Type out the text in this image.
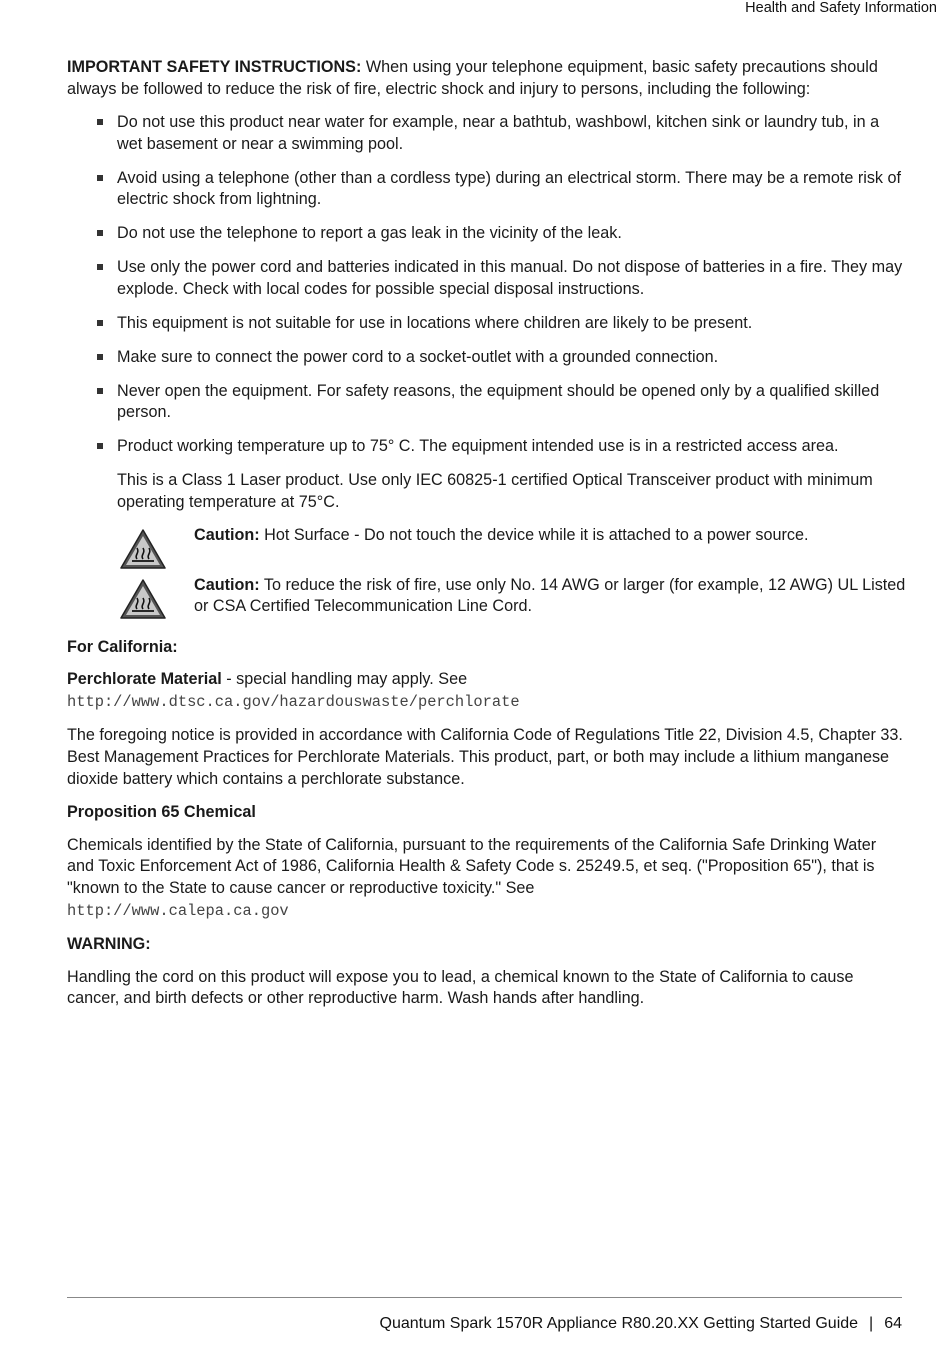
Health and Safety Information

IMPORTANT SAFETY INSTRUCTIONS: When using your telephone equipment, basic safety precautions should always be followed to reduce the risk of fire, electric shock and injury to persons, including the following:

Do not use this product near water for example, near a bathtub, washbowl, kitchen sink or laundry tub, in a wet basement or near a swimming pool.
Avoid using a telephone (other than a cordless type) during an electrical storm. There may be a remote risk of electric shock from lightning.
Do not use the telephone to report a gas leak in the vicinity of the leak.
Use only the power cord and batteries indicated in this manual. Do not dispose of batteries in a fire. They may explode. Check with local codes for possible special disposal instructions.
This equipment is not suitable for use in locations where children are likely to be present.
Make sure to connect the power cord to a socket-outlet with a grounded connection.
Never open the equipment. For safety reasons, the equipment should be opened only by a qualified skilled person.
Product working temperature up to 75° C. The equipment intended use is in a restricted access area.

This is a Class 1 Laser product. Use only IEC 60825-1 certified Optical Transceiver product with minimum operating temperature at 75°C.

Caution: Hot Surface - Do not touch the device while it is attached to a power source.
Caution: To reduce the risk of fire, use only No. 14 AWG or larger (for example, 12 AWG) UL Listed or CSA Certified Telecommunication Line Cord.
For California:

Perchlorate Material - special handling may apply. See
http://www.dtsc.ca.gov/hazardouswaste/perchlorate

The foregoing notice is provided in accordance with California Code of Regulations Title 22, Division 4.5, Chapter 33. Best Management Practices for Perchlorate Materials. This product, part, or both may include a lithium manganese dioxide battery which contains a perchlorate substance.

Proposition 65 Chemical

Chemicals identified by the State of California, pursuant to the requirements of the California Safe Drinking Water and Toxic Enforcement Act of 1986, California Health & Safety Code s. 25249.5, et seq. ("Proposition 65"), that is "known to the State to cause cancer or reproductive toxicity." See
http://www.calepa.ca.gov

WARNING:

Handling the cord on this product will expose you to lead, a chemical known to the State of California to cause cancer, and birth defects or other reproductive harm. Wash hands after handling.

Quantum Spark 1570R Appliance R80.20.XX Getting Started Guide | 64
